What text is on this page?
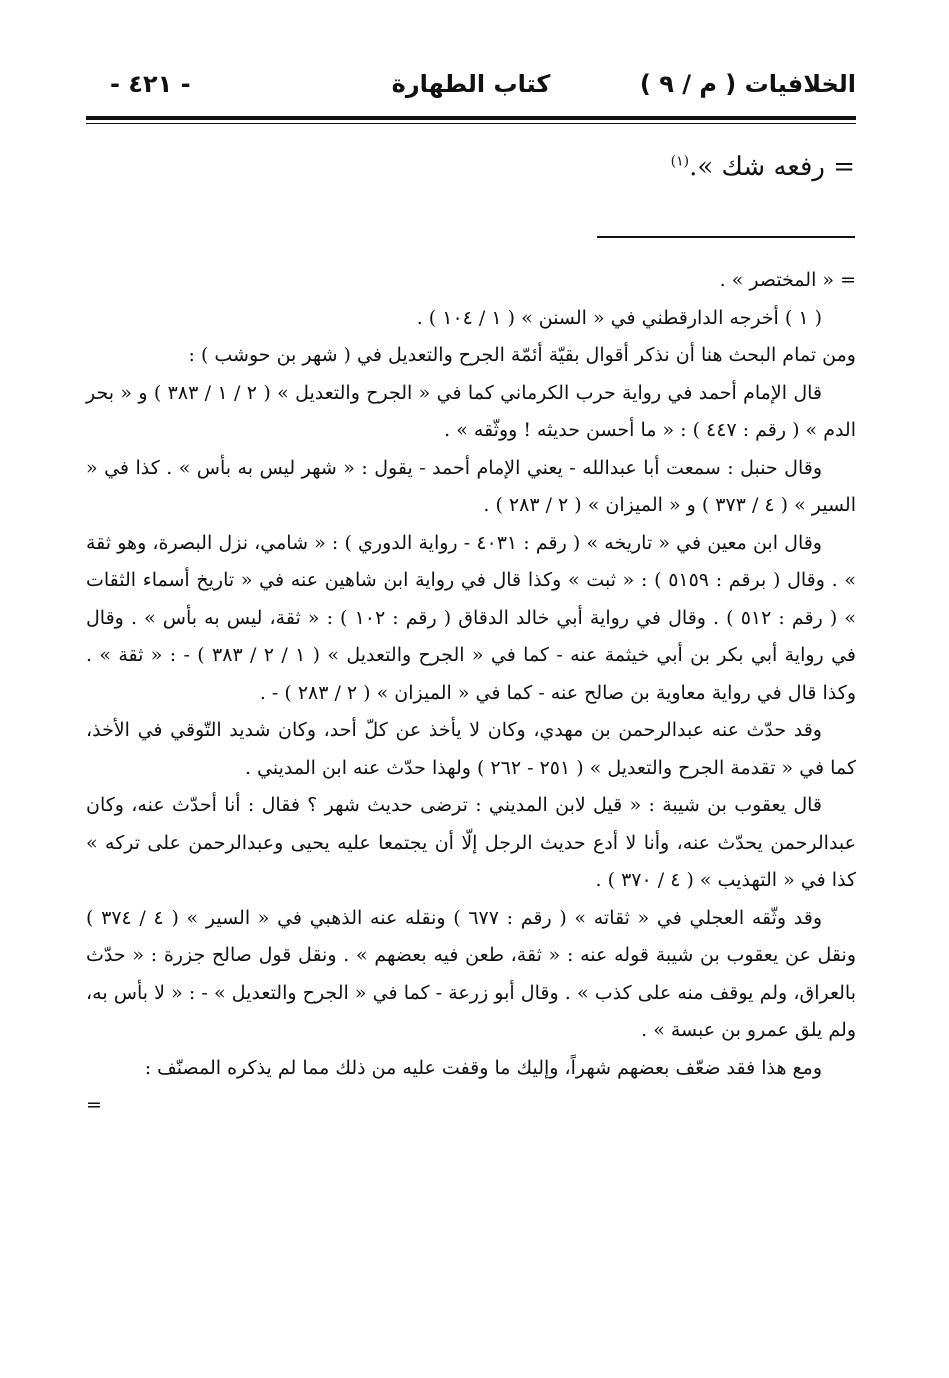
الخلافيات ( م / ٩ )
كتاب الطهارة
- ٤٢١ -
= رفعه شك ».$^{(١)}$

= « المختصر » .

( ١ ) أخرجه الدارقطني في « السنن » ( ١ / ١٠٤ ) .

ومن تمام البحث هنا أن نذكر أقوال بقيّة أئمّة الجرح والتعديل في ( شهر بن حوشب ) :

قال الإمام أحمد في رواية حرب الكرماني كما في « الجرح والتعديل » ( ٢ / ١ / ٣٨٣ ) و « بحر الدم » ( رقم : ٤٤٧ ) : « ما أحسن حديثه ! ووثّقه » .

وقال حنبل : سمعت أبا عبدالله - يعني الإمام أحمد - يقول : « شهر ليس به بأس » . كذا في « السير » ( ٤ / ٣٧٣ ) و « الميزان » ( ٢ / ٢٨٣ ) .

وقال ابن معين في « تاريخه » ( رقم : ٤٠٣١ - رواية الدوري ) : « شامي، نزل البصرة، وهو ثقة » . وقال ( برقم : ٥١٥٩ ) : « ثبت » وكذا قال في رواية ابن شاهين عنه في « تاريخ أسماء الثقات » ( رقم : ٥١٢ ) . وقال في رواية أبي خالد الدقاق ( رقم : ١٠٢ ) : « ثقة، ليس به بأس » . وقال في رواية أبي بكر بن أبي خيثمة عنه - كما في « الجرح والتعديل » ( ١ / ٢ / ٣٨٣ ) - : « ثقة » . وكذا قال في رواية معاوية بن صالح عنه - كما في « الميزان » ( ٢ / ٢٨٣ ) - .

وقد حدّث عنه عبدالرحمن بن مهدي، وكان لا يأخذ عن كلّ أحد، وكان شديد التّوقي في الأخذ، كما في « تقدمة الجرح والتعديل » ( ٢٥١ - ٢٦٢ ) ولهذا حدّث عنه ابن المديني .

قال يعقوب بن شيبة : « قيل لابن المديني : ترضى حديث شهر ؟ فقال : أنا أحدّث عنه، وكان عبدالرحمن يحدّث عنه، وأنا لا أدع حديث الرجل إلّا أن يجتمعا عليه يحيى وعبدالرحمن على تركه » كذا في « التهذيب » ( ٤ / ٣٧٠ ) .

وقد وثّقه العجلي في « ثقاته » ( رقم : ٦٧٧ ) ونقله عنه الذهبي في « السير » ( ٤ / ٣٧٤ ) ونقل عن يعقوب بن شيبة قوله عنه : « ثقة، طعن فيه بعضهم » . ونقل قول صالح جزرة : « حدّث بالعراق، ولم يوقف منه على كذب » . وقال أبو زرعة - كما في « الجرح والتعديل » - : « لا بأس به، ولم يلق عمرو بن عبسة » .

ومع هذا فقد ضعّف بعضهم شهراً، وإليك ما وقفت عليه من ذلك مما لم يذكره المصنّف :

=
